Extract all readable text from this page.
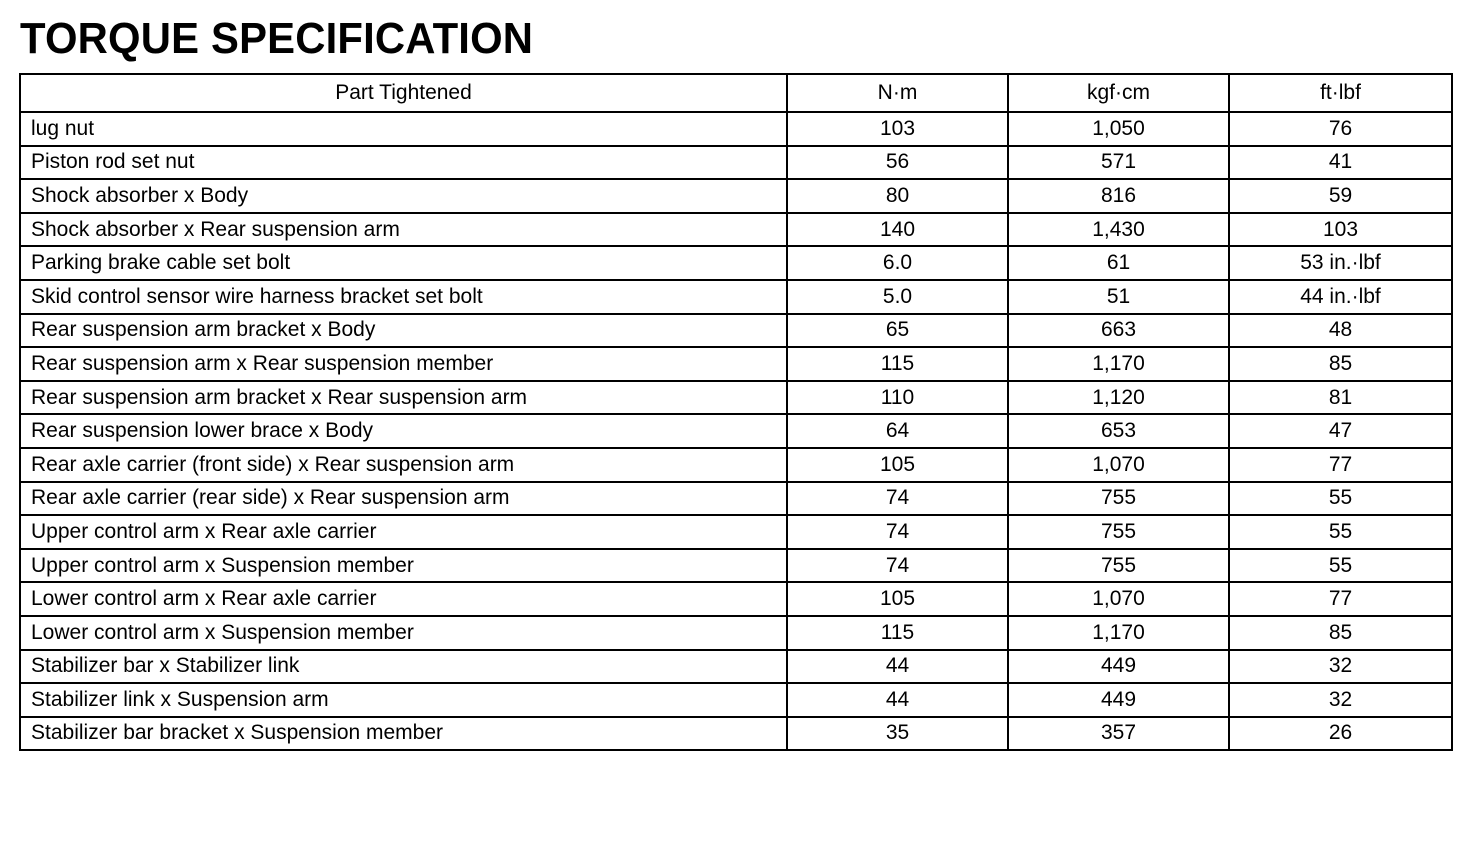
TORQUE SPECIFICATION
Part Tightened	N·m	kgf·cm	ft·lbf
lug nut	103	1,050	76
Piston rod set nut	56	571	41
Shock absorber x Body	80	816	59
Shock absorber x Rear suspension arm	140	1,430	103
Parking brake cable set bolt	6.0	61	53 in.·lbf
Skid control sensor wire harness bracket set bolt	5.0	51	44 in.·lbf
Rear suspension arm bracket x Body	65	663	48
Rear suspension arm x Rear suspension member	115	1,170	85
Rear suspension arm bracket x Rear suspension arm	110	1,120	81
Rear suspension lower brace x Body	64	653	47
Rear axle carrier (front side) x Rear suspension arm	105	1,070	77
Rear axle carrier (rear side) x Rear suspension arm	74	755	55
Upper control arm x Rear axle carrier	74	755	55
Upper control arm x Suspension member	74	755	55
Lower control arm x Rear axle carrier	105	1,070	77
Lower control arm x Suspension member	115	1,170	85
Stabilizer bar x Stabilizer link	44	449	32
Stabilizer link x Suspension arm	44	449	32
Stabilizer bar bracket x Suspension member	35	357	26
